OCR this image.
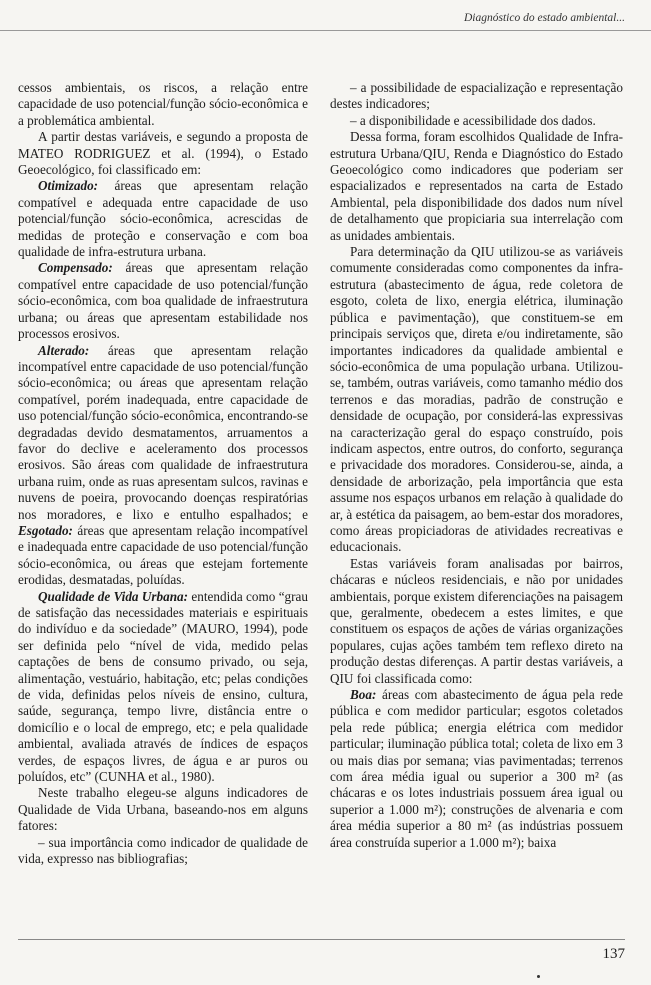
Diagnóstico do estado ambiental...

cessos ambientais, os riscos, a relação entre capacidade de uso potencial/função sócio-econômica e a problemática ambiental.

A partir destas variáveis, e segundo a proposta de MATEO RODRIGUEZ et al. (1994), o Estado Geoecológico, foi classificado em:

Otimizado: áreas que apresentam relação compatível e adequada entre capacidade de uso potencial/função sócio-econômica, acrescidas de medidas de proteção e conservação e com boa qualidade de infra-estrutura urbana.

Compensado: áreas que apresentam relação compatível entre capacidade de uso potencial/função sócio-econômica, com boa qualidade de infraestrutura urbana; ou áreas que apresentam estabilidade nos processos erosivos.

Alterado: áreas que apresentam relação incompatível entre capacidade de uso potencial/função sócio-econômica; ou áreas que apresentam relação compatível, porém inadequada, entre capacidade de uso potencial/função sócio-econômica, encontrando-se degradadas devido desmatamentos, arruamentos a favor do declive e aceleramento dos processos erosivos. São áreas com qualidade de infraestrutura urbana ruim, onde as ruas apresentam sulcos, ravinas e nuvens de poeira, provocando doenças respiratórias nos moradores, e lixo e entulho espalhados; e Esgotado: áreas que apresentam relação incompatível e inadequada entre capacidade de uso potencial/função sócio-econômica, ou áreas que estejam fortemente erodidas, desmatadas, poluídas.

Qualidade de Vida Urbana: entendida como “grau de satisfação das necessidades materiais e espirituais do indivíduo e da sociedade” (MAURO, 1994), pode ser definida pelo “nível de vida, medido pelas captações de bens de consumo privado, ou seja, alimentação, vestuário, habitação, etc; pelas condições de vida, definidas pelos níveis de ensino, cultura, saúde, segurança, tempo livre, distância entre o domicílio e o local de emprego, etc; e pela qualidade ambiental, avaliada através de índices de espaços verdes, de espaços livres, de água e ar puros ou poluídos, etc” (CUNHA et al., 1980).

Neste trabalho elegeu-se alguns indicadores de Qualidade de Vida Urbana, baseando-nos em alguns fatores:

– sua importância como indicador de qualidade de vida, expresso nas bibliografias;

– a possibilidade de espacialização e representação destes indicadores;

– a disponibilidade e acessibilidade dos dados.

Dessa forma, foram escolhidos Qualidade de Infra-estrutura Urbana/QIU, Renda e Diagnóstico do Estado Geoecológico como indicadores que poderiam ser espacializados e representados na carta de Estado Ambiental, pela disponibilidade dos dados num nível de detalhamento que propiciaria sua interrelação com as unidades ambientais.

Para determinação da QIU utilizou-se as variáveis comumente consideradas como componentes da infra-estrutura (abastecimento de água, rede coletora de esgoto, coleta de lixo, energia elétrica, iluminação pública e pavimentação), que constituem-se em principais serviços que, direta e/ou indiretamente, são importantes indicadores da qualidade ambiental e sócio-econômica de uma população urbana. Utilizou-se, também, outras variáveis, como tamanho médio dos terrenos e das moradias, padrão de construção e densidade de ocupação, por considerá-las expressivas na caracterização geral do espaço construído, pois indicam aspectos, entre outros, do conforto, segurança e privacidade dos moradores. Considerou-se, ainda, a densidade de arborização, pela importância que esta assume nos espaços urbanos em relação à qualidade do ar, à estética da paisagem, ao bem-estar dos moradores, como áreas propiciadoras de atividades recreativas e educacionais.

Estas variáveis foram analisadas por bairros, chácaras e núcleos residenciais, e não por unidades ambientais, porque existem diferenciações na paisagem que, geralmente, obedecem a estes limites, e que constituem os espaços de ações de várias organizações populares, cujas ações também tem reflexo direto na produção destas diferenças. A partir destas variáveis, a QIU foi classificada como:

Boa: áreas com abastecimento de água pela rede pública e com medidor particular; esgotos coletados pela rede pública; energia elétrica com medidor particular; iluminação pública total; coleta de lixo em 3 ou mais dias por semana; vias pavimentadas; terrenos com área média igual ou superior a 300 m² (as chácaras e os lotes industriais possuem área igual ou superior a 1.000 m²); construções de alvenaria e com área média superior a 80 m² (as indústrias possuem área construída superior a 1.000 m²); baixa

137
